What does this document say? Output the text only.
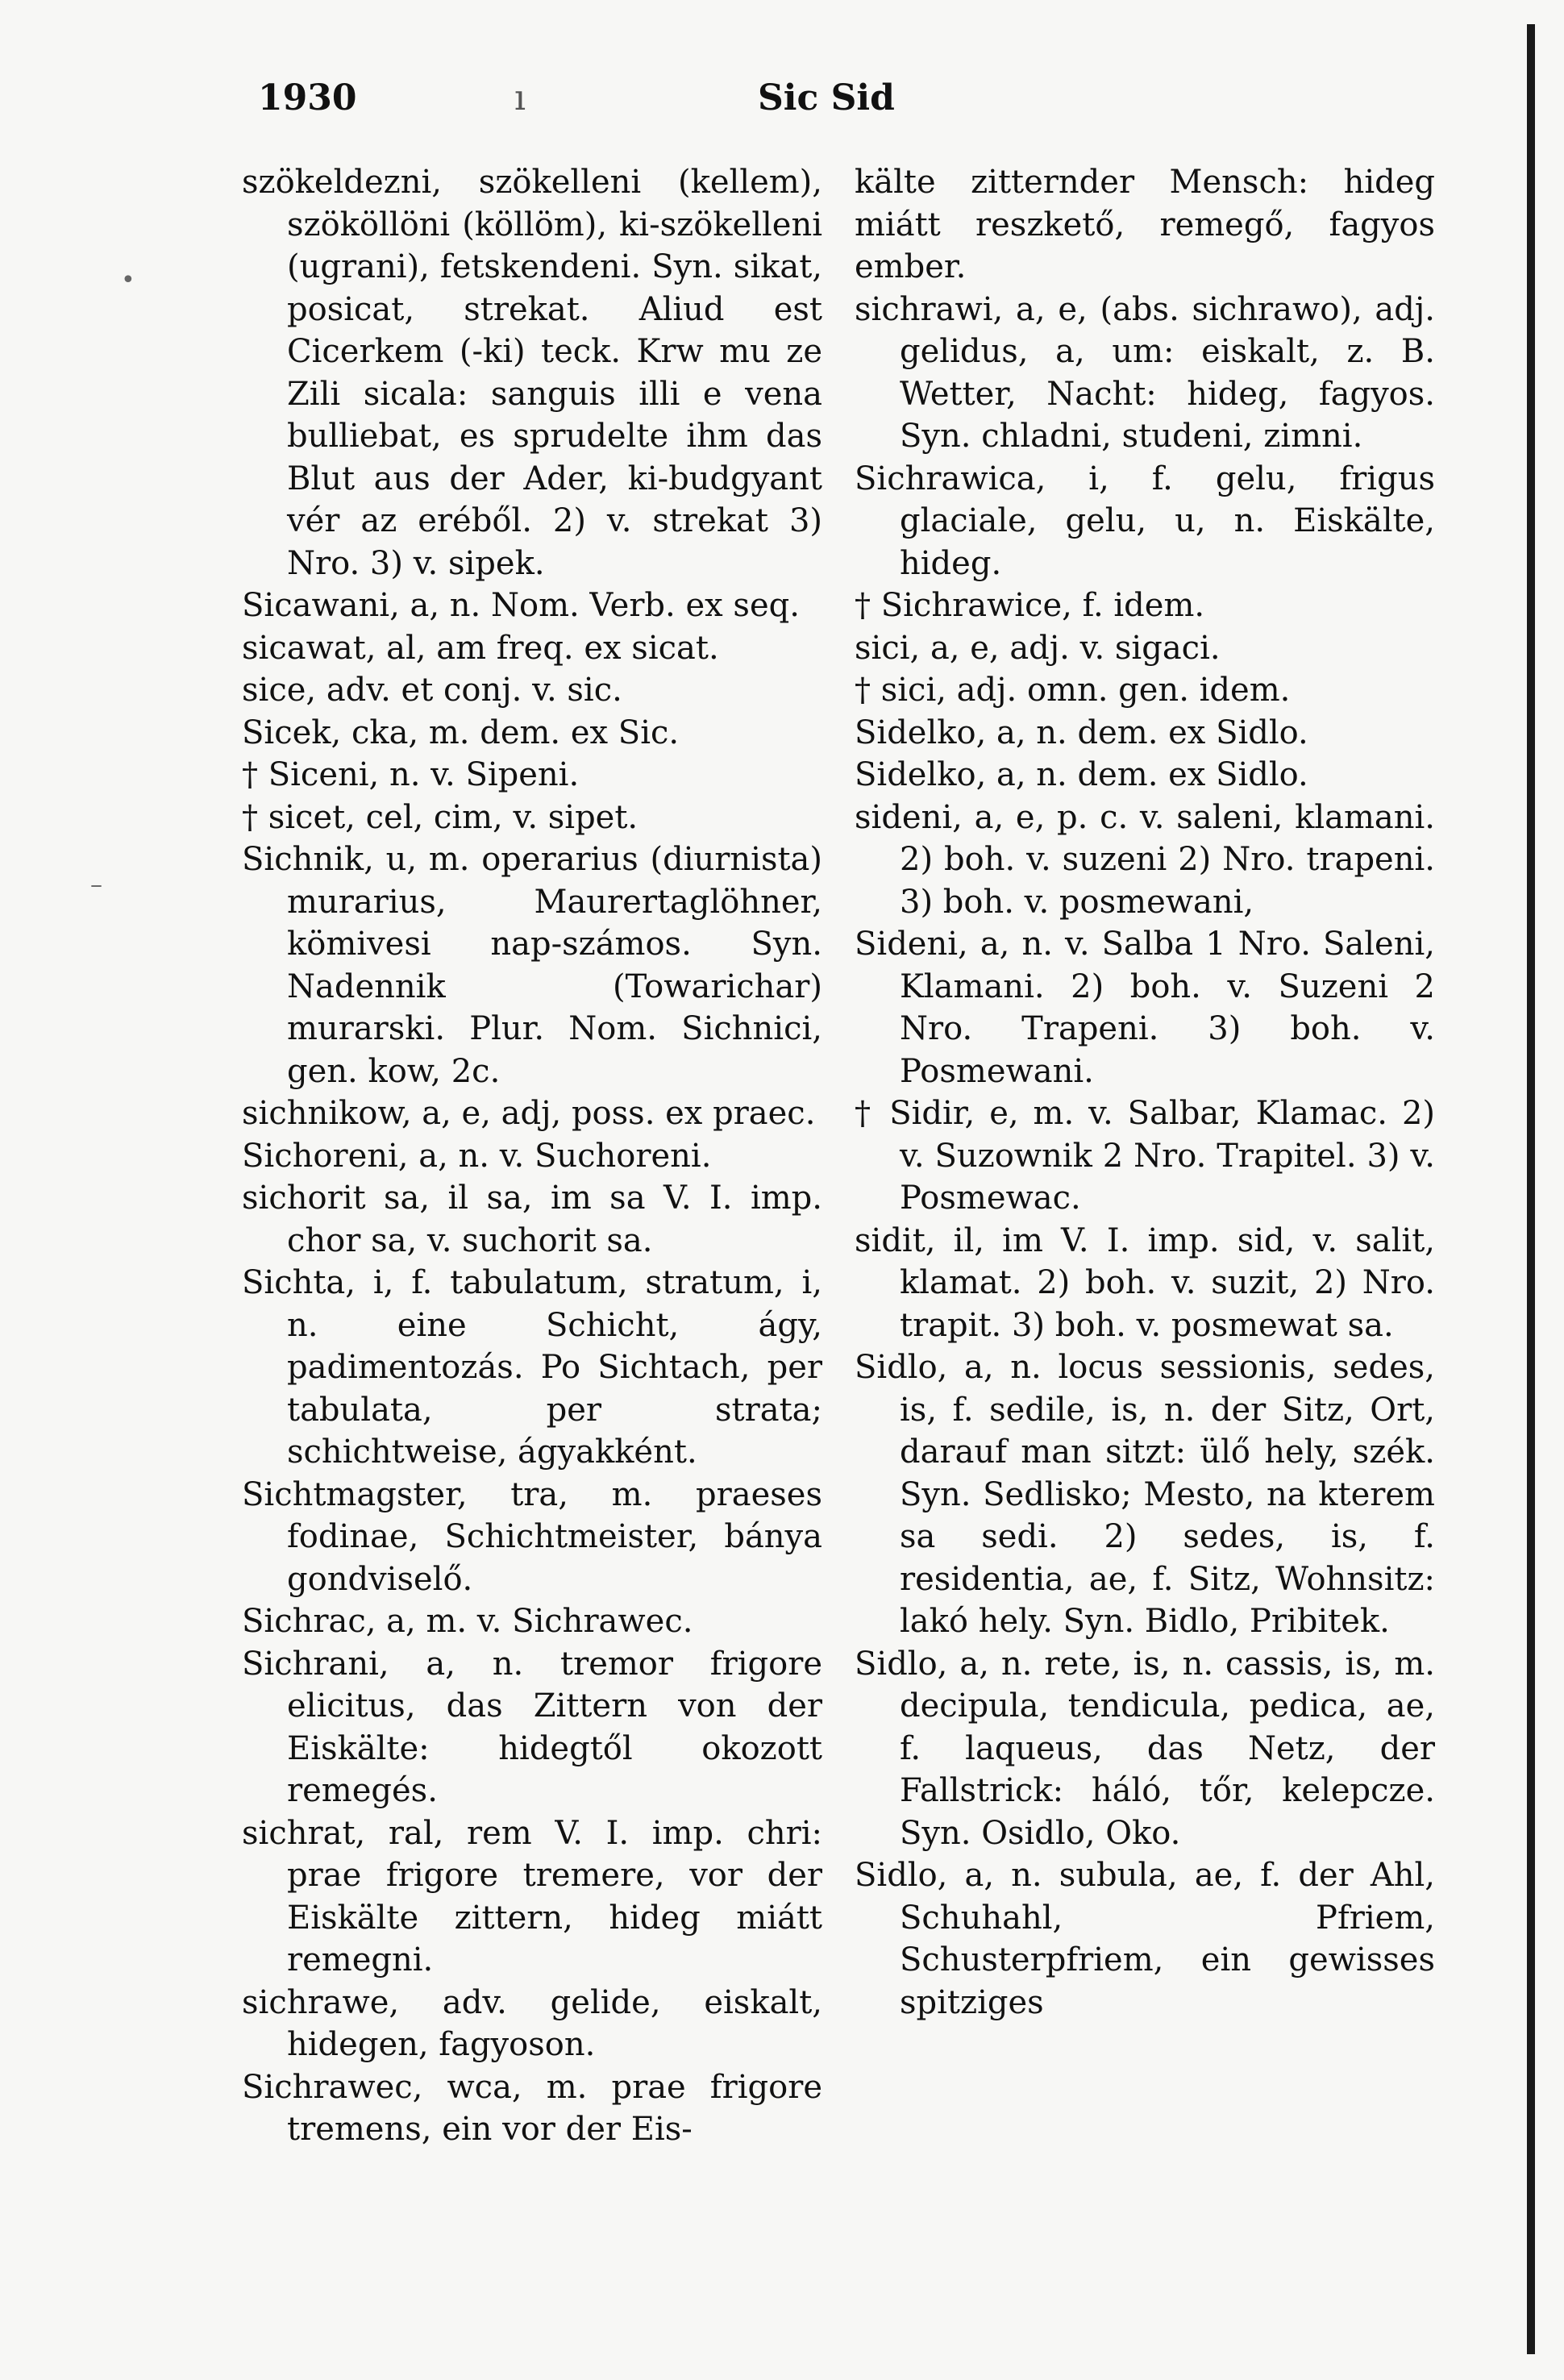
1930	ı	Sic Sid
•
–

szökeldezni, szökelleni (kellem), szököllöni (köllöm), ki-szökelleni (ugrani), fetskendeni. Syn. sikat, posicat, strekat. Aliud est Cicerkem (-ki) teck. Krw mu ze Zili sicala: sanguis illi e vena bulliebat, es sprudelte ihm das Blut aus der Ader, ki-budgyant vér az eréből. 2) v. strekat 3) Nro. 3) v. sipek.

Sicawani, a, n. Nom. Verb. ex seq.

sicawat, al, am freq. ex sicat.

sice, adv. et conj. v. sic.

Sicek, cka, m. dem. ex Sic.

† Siceni, n. v. Sipeni.

† sicet, cel, cim, v. sipet.

Sichnik, u, m. operarius (diurnista) murarius, Maurertaglöhner, kömivesi nap-számos. Syn. Nadennik (Towarichar) murarski. Plur. Nom. Sichnici, gen. kow, 2c.

sichnikow, a, e, adj, poss. ex praec.

Sichoreni, a, n. v. Suchoreni.

sichorit sa, il sa, im sa V. I. imp. chor sa, v. suchorit sa.

Sichta, i, f. tabulatum, stratum, i, n. eine Schicht, ágy, padimentozás. Po Sichtach, per tabulata, per strata; schichtweise, ágyakként.

Sichtmagster, tra, m. praeses fodinae, Schichtmeister, bánya gondviselő.

Sichrac, a, m. v. Sichrawec.

Sichrani, a, n. tremor frigore elicitus, das Zittern von der Eiskälte: hidegtől okozott remegés.

sichrat, ral, rem V. I. imp. chri: prae frigore tremere, vor der Eiskälte zittern, hideg miátt remegni.

sichrawe, adv. gelide, eiskalt, hidegen, fagyoson.

Sichrawec, wca, m. prae frigore tremens, ein vor der Eis-

kälte zitternder Mensch: hideg miátt reszkető, remegő, fagyos ember.

sichrawi, a, e, (abs. sichrawo), adj. gelidus, a, um: eiskalt, z. B. Wetter, Nacht: hideg, fagyos. Syn. chladni, studeni, zimni.

Sichrawica, i, f. gelu, frigus glaciale, gelu, u, n. Eiskälte, hideg.

† Sichrawice, f. idem.

sici, a, e, adj. v. sigaci.

† sici, adj. omn. gen. idem.

Sidelko, a, n. dem. ex Sidlo.

Sidelko, a, n. dem. ex Sidlo.

sideni, a, e, p. c. v. saleni, klamani. 2) boh. v. suzeni 2) Nro. trapeni. 3) boh. v. posmewani,

Sideni, a, n. v. Salba 1 Nro. Saleni, Klamani. 2) boh. v. Suzeni 2 Nro. Trapeni. 3) boh. v. Posmewani.

† Sidir, e, m. v. Salbar, Klamac. 2) v. Suzownik 2 Nro. Trapitel. 3) v. Posmewac.

sidit, il, im V. I. imp. sid, v. salit, klamat. 2) boh. v. suzit, 2) Nro. trapit. 3) boh. v. posmewat sa.

Sidlo, a, n. locus sessionis, sedes, is, f. sedile, is, n. der Sitz, Ort, darauf man sitzt: ülő hely, szék. Syn. Sedlisko; Mesto, na kterem sa sedi. 2) sedes, is, f. residentia, ae, f. Sitz, Wohnsitz: lakó hely. Syn. Bidlo, Pribitek.

Sidlo, a, n. rete, is, n. cassis, is, m. decipula, tendicula, pedica, ae, f. laqueus, das Netz, der Fallstrick: háló, tőr, kelepcze. Syn. Osidlo, Oko.

Sidlo, a, n. subula, ae, f. der Ahl, Schuhahl, Pfriem, Schusterpfriem, ein gewisses spitziges
